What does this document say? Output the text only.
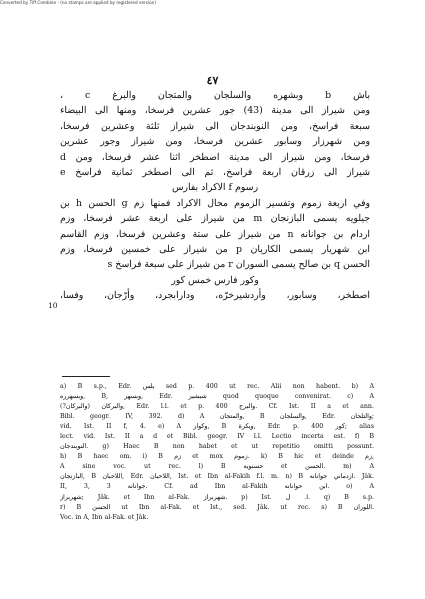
Converted by Tiff Combine - (no stamps are applied by registered version)
٤٧
باش b وبشهره والسلجان والمتجان والبرغ c ،
ومن شيراز الى مدينة (43) جور عشرين فرسخا، ومنها الى البيضاء
سبعة فراسخ، ومن النوبندجان الى شيراز ثلثة وعشرين فرسخا،
ومن شهرزار وسابور عشرين فرسخا، ومن شيراز وجور عشرين
فرسخا، ومن شيراز الى مدينة اصطخر اثنا عشر فرسخا، ومن d
شيراز الى زرقان اربعة فراسخ، ثم الى اصطخر ثمانية فراسخ e
رسوم f الاكراد بفارس
وفي اربعة زموم وتفسير الزموم محال الاكراد فمنها زم g الحسن h بن
جيلويه يسمى البازنجان m من شيراز على اربعة عشر فرسخا، وزم
اردام بن جوانانه n من شيراز على ستة وعشرين فرسخا، وزم القاسم
ابن شهريار يسمى الكاريان p من شيراز على خمسين فرسخا، وزم
الحسن q بن صالح يسمى السوران r من شيراز على سبعة فراسخ s
وكور فارس خمس كور
اصطخر، وسابور، وأردشيرخرّه، ودارابجرد، وأرّجان، وفسا،
10
a) B s.p., Edr. بلس sed p. 400 ut rec. Alii non habent. b) A
وبسهرره, B, وبسهر, Edr. شبشير quod quoque convenirat. c) A
والبركان (والبركان?), Edr. l.l. et p. 400 والبرج. Cf. Ist. II a et ann.
Bibl. geogr. IV, 392. d) A والمتجان, B والسلجان, Edr. والتلجان;
vid. Ist. II f, 4. e) A وكوار, B ويكرة, Edr. p. 400 كور; alias
lect. vid. Ist. II a d et Bibl. geogr. IV l.l. Lectio incerta est. f) B
النوبندجان. g) Haec B non habet et ut repetitio omitti possunt.
h) B haec om. i) B زم et mox زموم. k) B hic et deinde زم,
A sine voc. ut rec. l) B حسنويه et الحسن. m) A
البازنجان, B اللاحبان, Edr. اللاحبان, Ist. et Ibn al-Fakih f.l. m. n) B ازدماني جوانانه. Jâk.
II, 3, 3 جوانانه. Cf. ad Ibn al-Fakih ابن حوانانه. o) A
شهربراز; Jâk. et Ibn al-Fak. شهربراز. p) Ist. ا. ل. q) B s.p.
r) B الحسن ut Ibn al-Fak. et Ist., sed. Jâk. ut rec. s) B اللوران.
Voc. in A, Ibn al-Fak. et Jâk.
